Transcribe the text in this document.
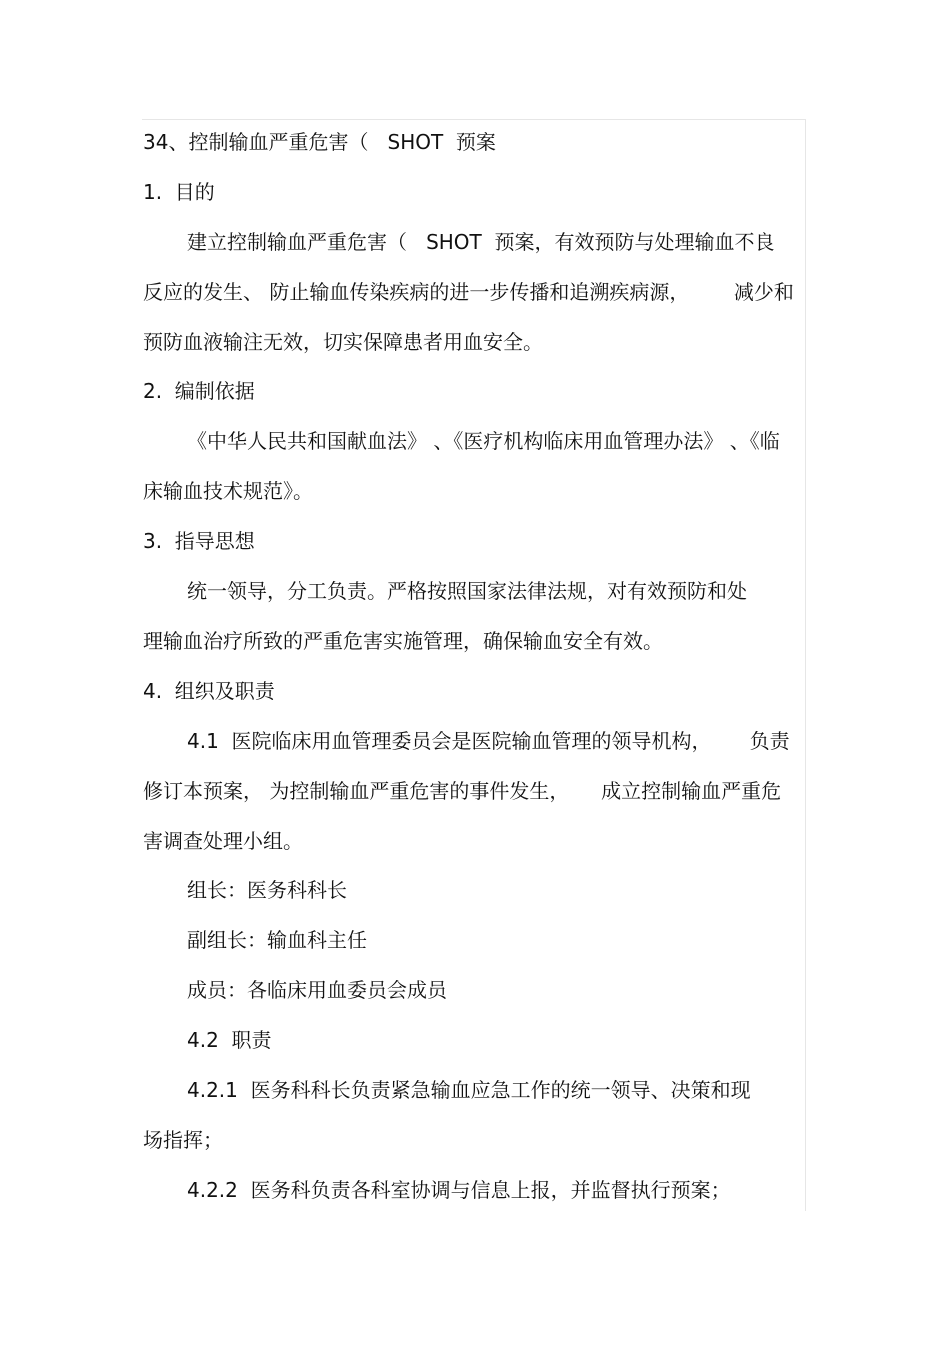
34、控制输血严重危害（   SHOT  预案
1.  目的
建立控制输血严重危害（   SHOT  预案，有效预防与处理输血不良
反应的发生、 防止输血传染疾病的进一步传播和追溯疾病源，       减少和
预防血液输注无效，切实保障患者用血安全。
2.  编制依据
《中华人民共和国献血法》 、《医疗机构临床用血管理办法》 、《临
床输血技术规范》。
3.  指导思想
统一领导，分工负责。严格按照国家法律法规，对有效预防和处
理输血治疗所致的严重危害实施管理，确保输血安全有效。
4.  组织及职责
4.1  医院临床用血管理委员会是医院输血管理的领导机构，      负责
修订本预案， 为控制输血严重危害的事件发生，     成立控制输血严重危
害调查处理小组。
组长：医务科科长
副组长：输血科主任
成员：各临床用血委员会成员
4.2  职责
4.2.1  医务科科长负责紧急输血应急工作的统一领导、决策和现
场指挥；
4.2.2  医务科负责各科室协调与信息上报，并监督执行预案；
